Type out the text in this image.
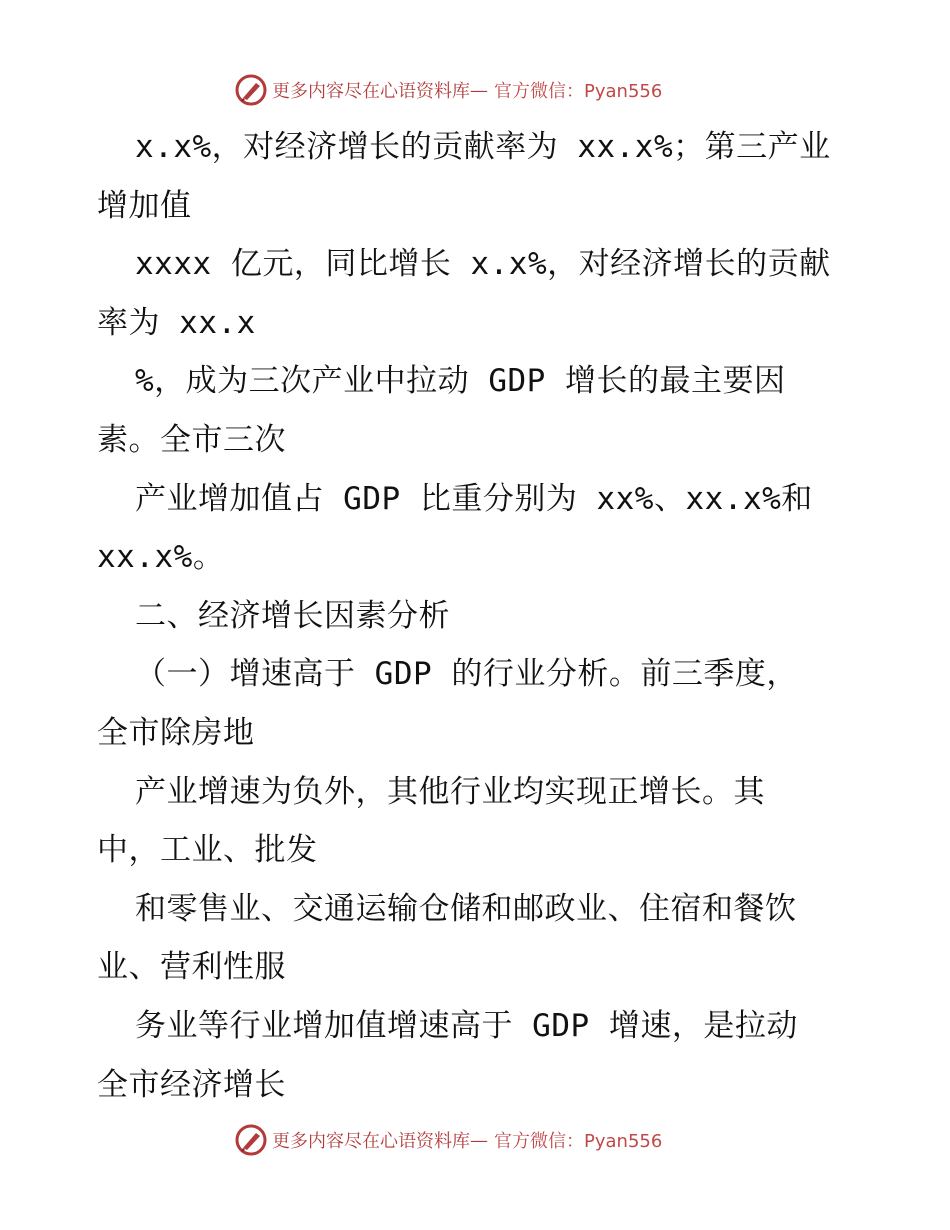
更多内容尽在心语资料库 — 官方微信：Pyan556
x.x%，对经济增长的贡献率为 xx.x%；第三产业
增加值
xxxx 亿元，同比增长 x.x%，对经济增长的贡献
率为 xx.x
%，成为三次产业中拉动 GDP 增长的最主要因
素。全市三次
产业增加值占 GDP 比重分别为 xx%、xx.x%和
xx.x%。
二、经济增长因素分析
（一）增速高于 GDP 的行业分析。前三季度，
全市除房地
产业增速为负外，其他行业均实现正增长。其
中，工业、批发
和零售业、交通运输仓储和邮政业、住宿和餐饮
业、营利性服
务业等行业增加值增速高于 GDP 增速，是拉动
全市经济增长
更多内容尽在心语资料库 — 官方微信：Pyan556
